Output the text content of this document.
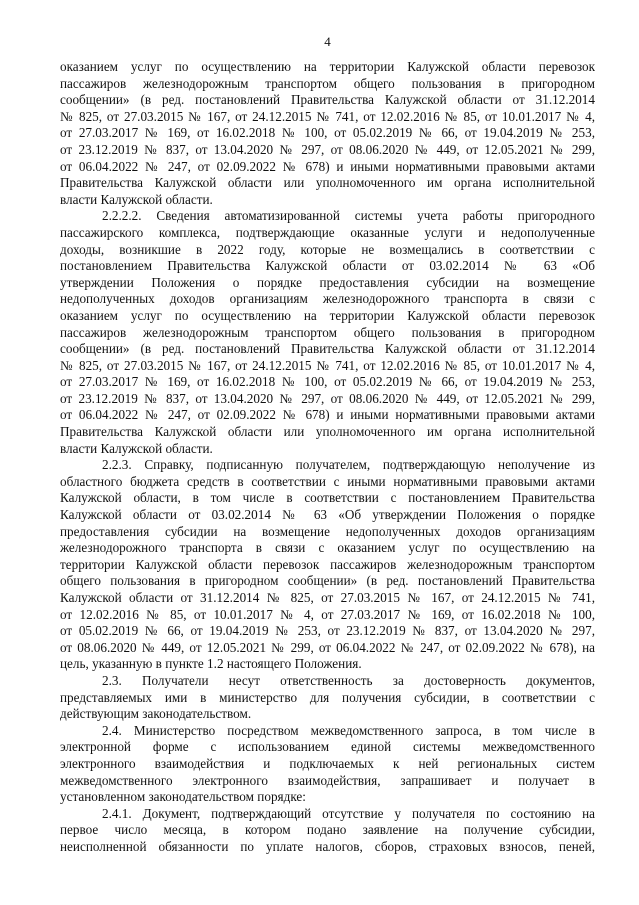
4
оказанием услуг по осуществлению на территории Калужской области перевозок
пассажиров железнодорожным транспортом общего пользования в пригородном
сообщении» (в ред. постановлений Правительства Калужской области от 31.12.2014
№ 825, от 27.03.2015 № 167, от 24.12.2015 № 741, от 12.02.2016 № 85, от 10.01.2017 № 4,
от 27.03.2017 № 169, от 16.02.2018 № 100, от 05.02.2019 № 66, от 19.04.2019 № 253,
от 23.12.2019 № 837, от 13.04.2020 № 297, от 08.06.2020 № 449, от 12.05.2021 № 299,
от 06.04.2022 № 247, от 02.09.2022 № 678) и иными нормативными правовыми актами
Правительства Калужской области или уполномоченного им органа исполнительной
власти Калужской области.
2.2.2.2. Сведения автоматизированной системы учета работы пригородного
пассажирского комплекса, подтверждающие оказанные услуги и недополученные
доходы, возникшие в 2022 году, которые не возмещались в соответствии с
постановлением Правительства Калужской области от 03.02.2014 № 63 «Об
утверждении Положения о порядке предоставления субсидии на возмещение
недополученных доходов организациям железнодорожного транспорта в связи с
оказанием услуг по осуществлению на территории Калужской области перевозок
пассажиров железнодорожным транспортом общего пользования в пригородном
сообщении» (в ред. постановлений Правительства Калужской области от 31.12.2014
№ 825, от 27.03.2015 № 167, от 24.12.2015 № 741, от 12.02.2016 № 85, от 10.01.2017 № 4,
от 27.03.2017 № 169, от 16.02.2018 № 100, от 05.02.2019 № 66, от 19.04.2019 № 253,
от 23.12.2019 № 837, от 13.04.2020 № 297, от 08.06.2020 № 449, от 12.05.2021 № 299,
от 06.04.2022 № 247, от 02.09.2022 № 678) и иными нормативными правовыми актами
Правительства Калужской области или уполномоченного им органа исполнительной
власти Калужской области.
2.2.3. Справку, подписанную получателем, подтверждающую неполучение из
областного бюджета средств в соответствии с иными нормативными правовыми актами
Калужской области, в том числе в соответствии с постановлением Правительства
Калужской области от 03.02.2014 № 63 «Об утверждении Положения о порядке
предоставления субсидии на возмещение недополученных доходов организациям
железнодорожного транспорта в связи с оказанием услуг по осуществлению на
территории Калужской области перевозок пассажиров железнодорожным транспортом
общего пользования в пригородном сообщении» (в ред. постановлений Правительства
Калужской области от 31.12.2014 № 825, от 27.03.2015 № 167, от 24.12.2015 № 741,
от 12.02.2016 № 85, от 10.01.2017 № 4, от 27.03.2017 № 169, от 16.02.2018 № 100,
от 05.02.2019 № 66, от 19.04.2019 № 253, от 23.12.2019 № 837, от 13.04.2020 № 297,
от 08.06.2020 № 449, от 12.05.2021 № 299, от 06.04.2022 № 247, от 02.09.2022 № 678), на
цель, указанную в пункте 1.2 настоящего Положения.
2.3. Получатели несут ответственность за достоверность документов,
представляемых ими в министерство для получения субсидии, в соответствии с
действующим законодательством.
2.4. Министерство посредством межведомственного запроса, в том числе в
электронной форме с использованием единой системы межведомственного
электронного взаимодействия и подключаемых к ней региональных систем
межведомственного электронного взаимодействия, запрашивает и получает в
установленном законодательством порядке:
2.4.1. Документ, подтверждающий отсутствие у получателя по состоянию на
первое число месяца, в котором подано заявление на получение субсидии,
неисполненной обязанности по уплате налогов, сборов, страховых взносов, пеней,
